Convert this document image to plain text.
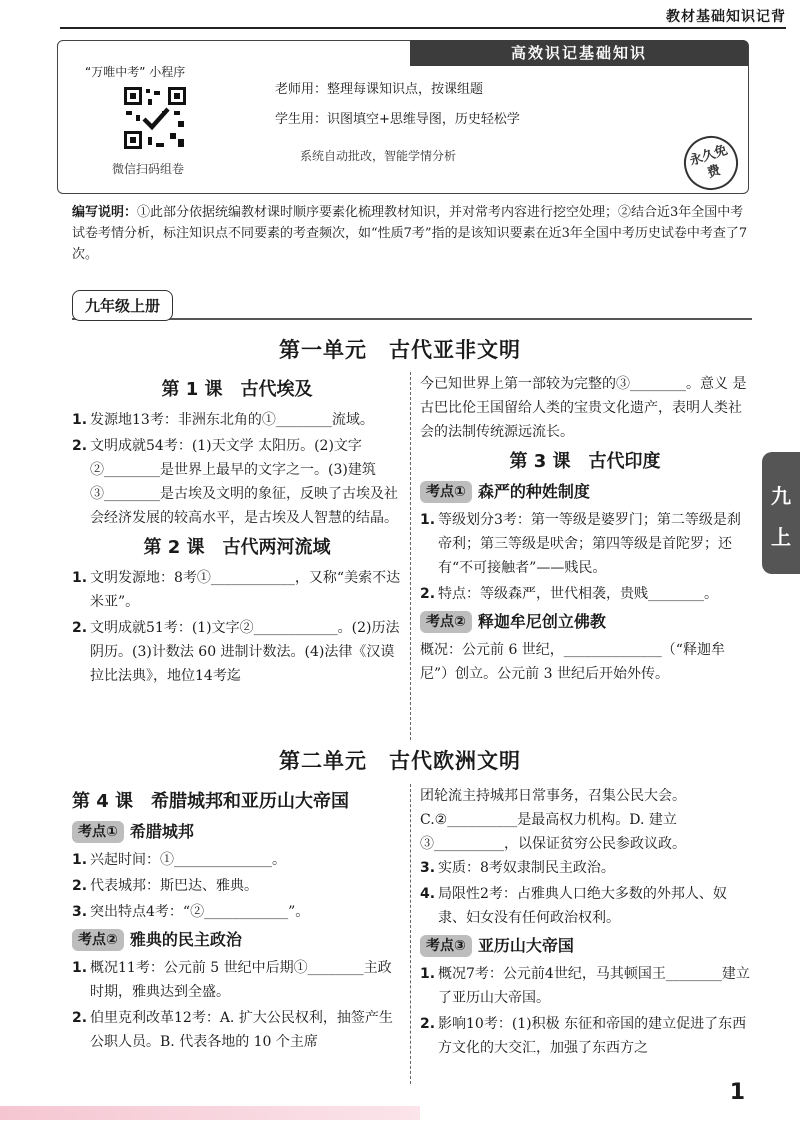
教材基础知识记背
高效识记基础知识
“万唯中考” 小程序
微信扫码组卷
老师用：整理每课知识点，按课组题
学生用：识图填空+思维导图，历史轻松学
系统自动批改，智能学情分析	永久免费
编写说明：①此部分依据统编教材课时顺序要素化梳理教材知识，并对常考内容进行挖空处理；②结合近3年全国中考试卷考情分析，标注知识点不同要素的考查频次，如“性质7考”指的是该知识要素在近3年全国中考历史试卷中考查了7次。
九年级上册
第一单元　古代亚非文明
第 1 课　古代埃及
1. 发源地13考：非洲东北角的①________流域。
2. 文明成就54考：(1)天文学 太阳历。(2)文字②________是世界上最早的文字之一。(3)建筑③________是古埃及文明的象征，反映了古埃及社会经济发展的较高水平，是古埃及人智慧的结晶。
第 2 课　古代两河流域
1. 文明发源地：8考①____________，又称“美索不达米亚”。
2. 文明成就51考：(1)文字②____________。(2)历法 阴历。(3)计数法 60 进制计数法。(4)法律《汉谟拉比法典》，地位14考迄
今已知世界上第一部较为完整的③________。意义 是古巴比伦王国留给人类的宝贵文化遗产，表明人类社会的法制传统源远流长。
第 3 课　古代印度
考点① 森严的种姓制度
1. 等级划分3考：第一等级是婆罗门；第二等级是刹帝利；第三等级是吠舍；第四等级是首陀罗；还有“不可接触者”——贱民。
2. 特点：等级森严，世代相袭，贵贱________。
考点② 释迦牟尼创立佛教
概况：公元前 6 世纪，______________（“释迦牟尼”）创立。公元前 3 世纪后开始外传。
第二单元　古代欧洲文明
第 4 课　希腊城邦和亚历山大帝国
考点① 希腊城邦
1. 兴起时间：①______________。
2. 代表城邦：斯巴达、雅典。
3. 突出特点4考：“②____________”。
考点② 雅典的民主政治
1. 概况11考：公元前 5 世纪中后期①________主政时期，雅典达到全盛。
2. 伯里克利改革12考：A. 扩大公民权利，抽签产生公职人员。B. 代表各地的 10 个主席
团轮流主持城邦日常事务，召集公民大会。C.②__________是最高权力机构。D. 建立③__________，以保证贫穷公民参政议政。
3. 实质：8考奴隶制民主政治。
4. 局限性2考：占雅典人口绝大多数的外邦人、奴隶、妇女没有任何政治权利。
考点③ 亚历山大帝国
1. 概况7考：公元前4世纪，马其顿国王________建立了亚历山大帝国。
2. 影响10考：(1)积极 东征和帝国的建立促进了东西方文化的大交汇，加强了东西方之
九
上
1
